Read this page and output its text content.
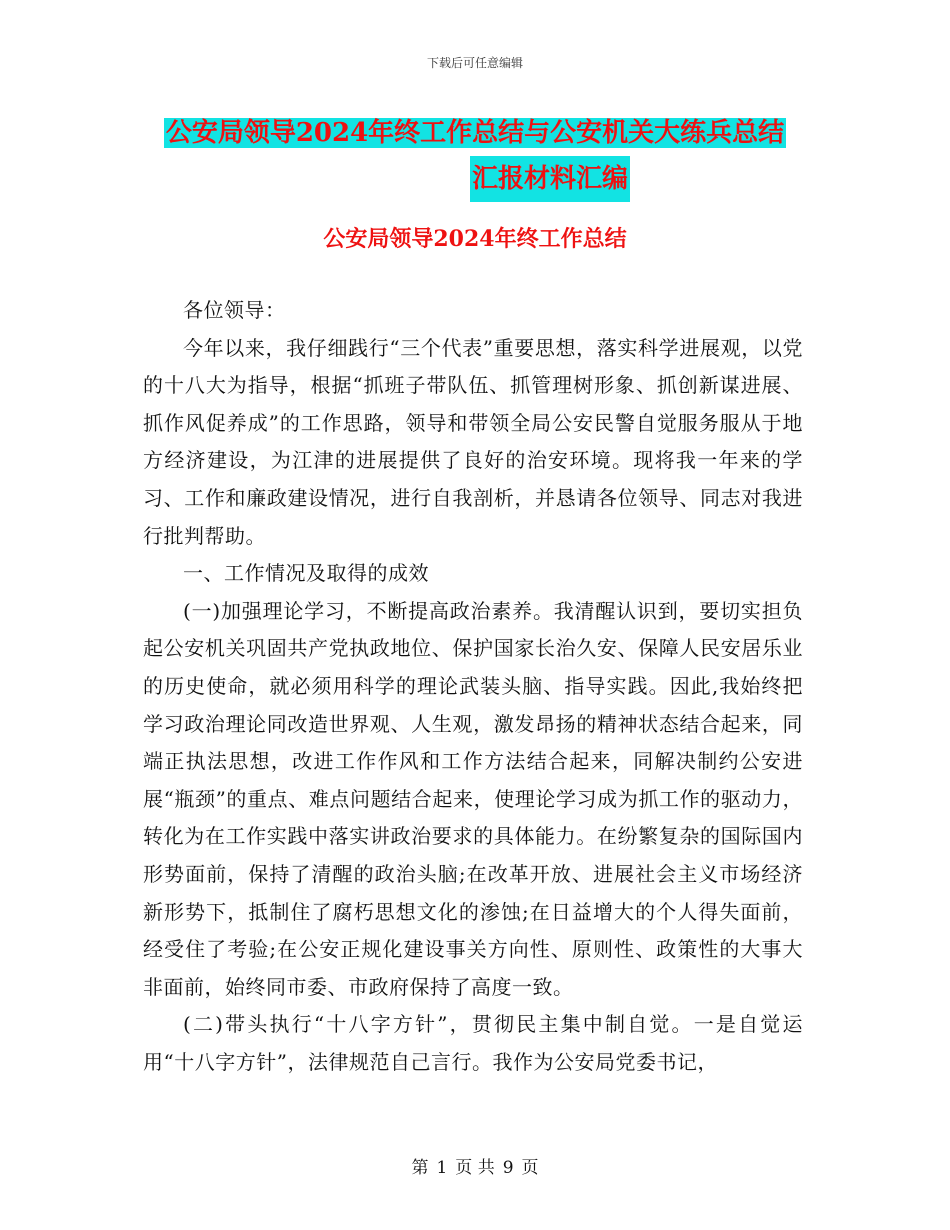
下载后可任意编辑
公安局领导2024年终工作总结与公安机关大练兵总结
汇报材料汇编
公安局领导2024年终工作总结

各位领导：

今年以来，我仔细践行“三个代表”重要思想，落实科学进展观，以党的十八大为指导，根据“抓班子带队伍、抓管理树形象、抓创新谋进展、抓作风促养成”的工作思路，领导和带领全局公安民警自觉服务服从于地方经济建设，为江津的进展提供了良好的治安环境。现将我一年来的学习、工作和廉政建设情况，进行自我剖析，并恳请各位领导、同志对我进行批判帮助。

一、工作情况及取得的成效

(一)加强理论学习，不断提高政治素养。我清醒认识到，要切实担负起公安机关巩固共产党执政地位、保护国家长治久安、保障人民安居乐业的历史使命，就必须用科学的理论武装头脑、指导实践。因此,我始终把学习政治理论同改造世界观、人生观，激发昂扬的精神状态结合起来，同端正执法思想，改进工作作风和工作方法结合起来，同解决制约公安进展“瓶颈”的重点、难点问题结合起来，使理论学习成为抓工作的驱动力，转化为在工作实践中落实讲政治要求的具体能力。在纷繁复杂的国际国内形势面前，保持了清醒的政治头脑;在改革开放、进展社会主义市场经济新形势下，抵制住了腐朽思想文化的渗蚀;在日益增大的个人得失面前，经受住了考验;在公安正规化建设事关方向性、原则性、政策性的大事大非面前，始终同市委、市政府保持了高度一致。

(二)带头执行“十八字方针”，贯彻民主集中制自觉。一是自觉运用“十八字方针”，法律规范自己言行。我作为公安局党委书记，

第 1 页 共 9 页
